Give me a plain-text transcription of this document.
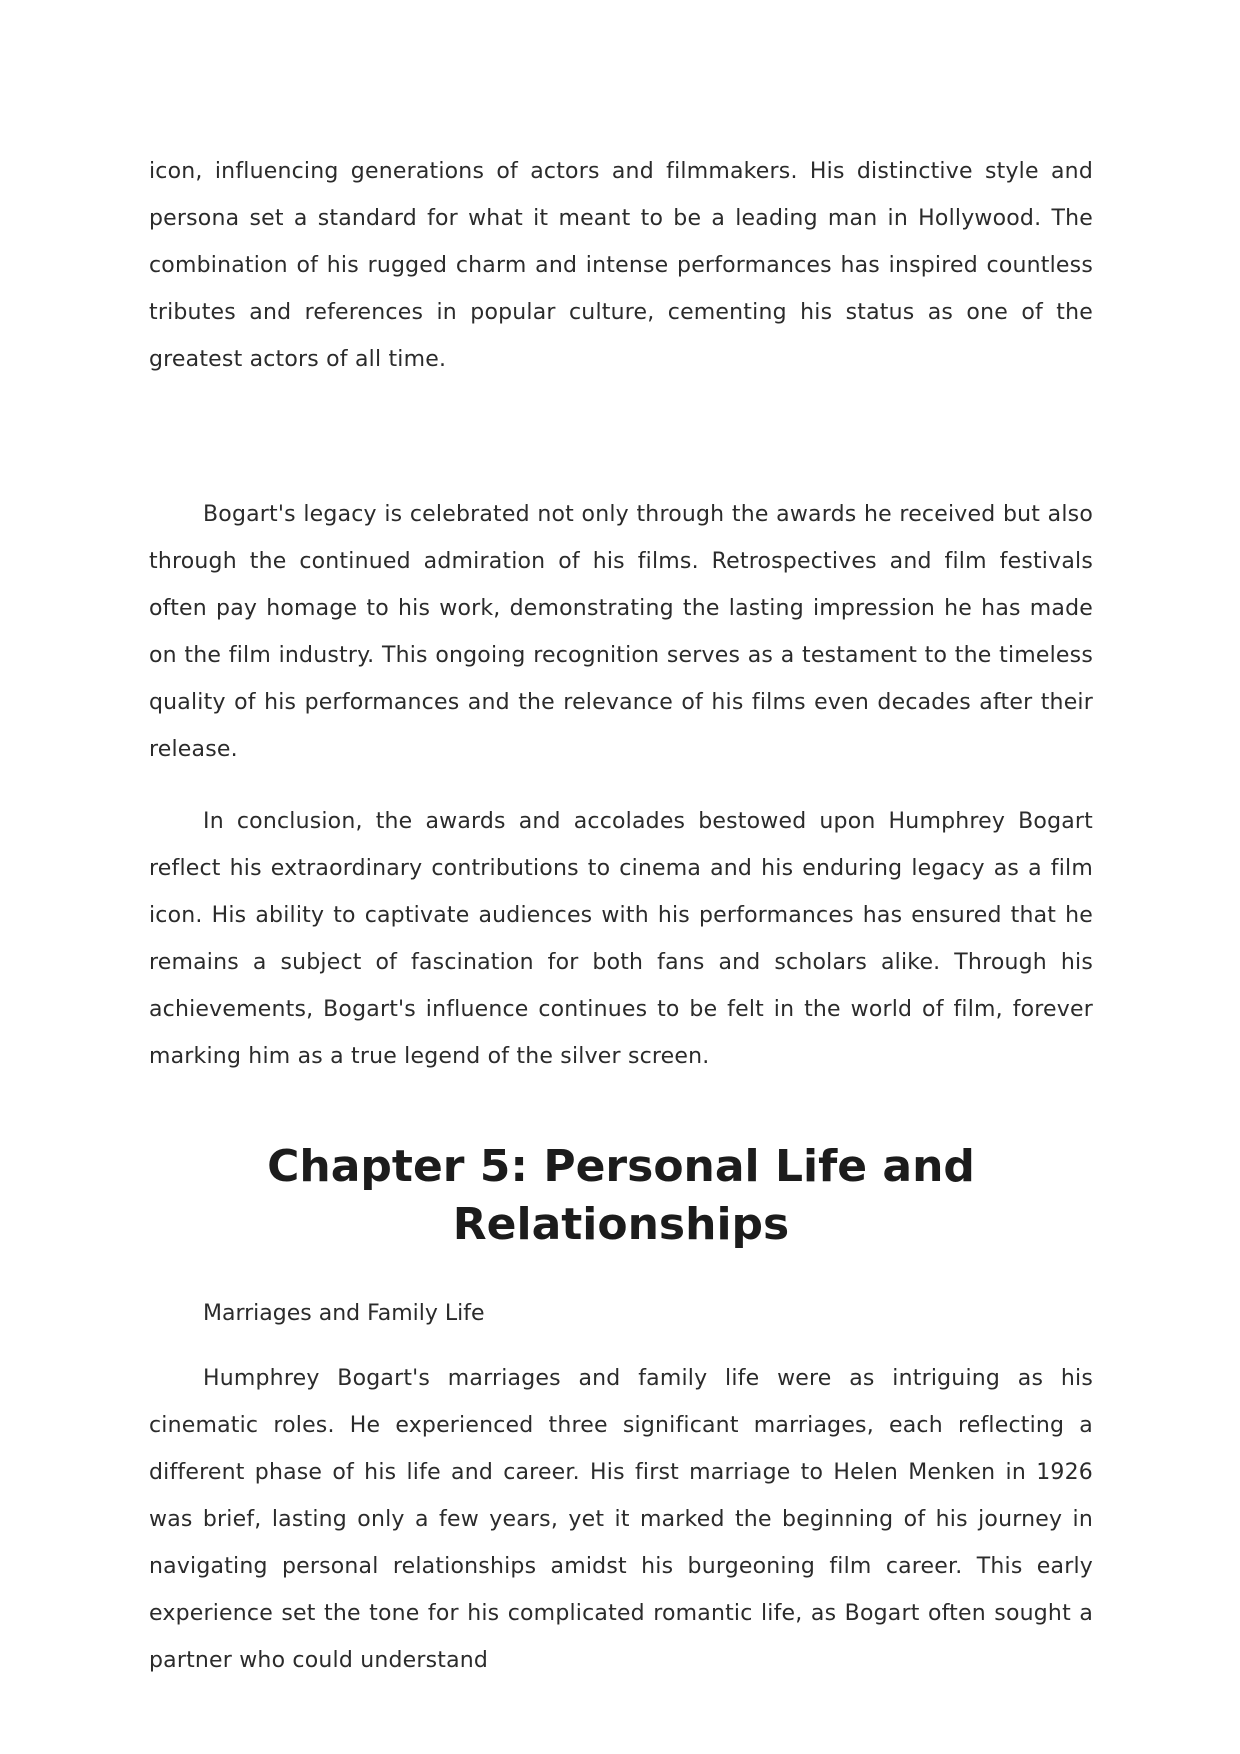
icon, influencing generations of actors and filmmakers. His distinctive style and persona set a standard for what it meant to be a leading man in Hollywood. The combination of his rugged charm and intense performances has inspired countless tributes and references in popular culture, cementing his status as one of the greatest actors of all time.

Bogart's legacy is celebrated not only through the awards he received but also through the continued admiration of his films. Retrospectives and film festivals often pay homage to his work, demonstrating the lasting impression he has made on the film industry. This ongoing recognition serves as a testament to the timeless quality of his performances and the relevance of his films even decades after their release.

In conclusion, the awards and accolades bestowed upon Humphrey Bogart reflect his extraordinary contributions to cinema and his enduring legacy as a film icon. His ability to captivate audiences with his performances has ensured that he remains a subject of fascination for both fans and scholars alike. Through his achievements, Bogart's influence continues to be felt in the world of film, forever marking him as a true legend of the silver screen.

Chapter 5: Personal Life and
Relationships

Marriages and Family Life

Humphrey Bogart's marriages and family life were as intriguing as his cinematic roles. He experienced three significant marriages, each reflecting a different phase of his life and career. His first marriage to Helen Menken in 1926 was brief, lasting only a few years, yet it marked the beginning of his journey in navigating personal relationships amidst his burgeoning film career. This early experience set the tone for his complicated romantic life, as Bogart often sought a partner who could understand
